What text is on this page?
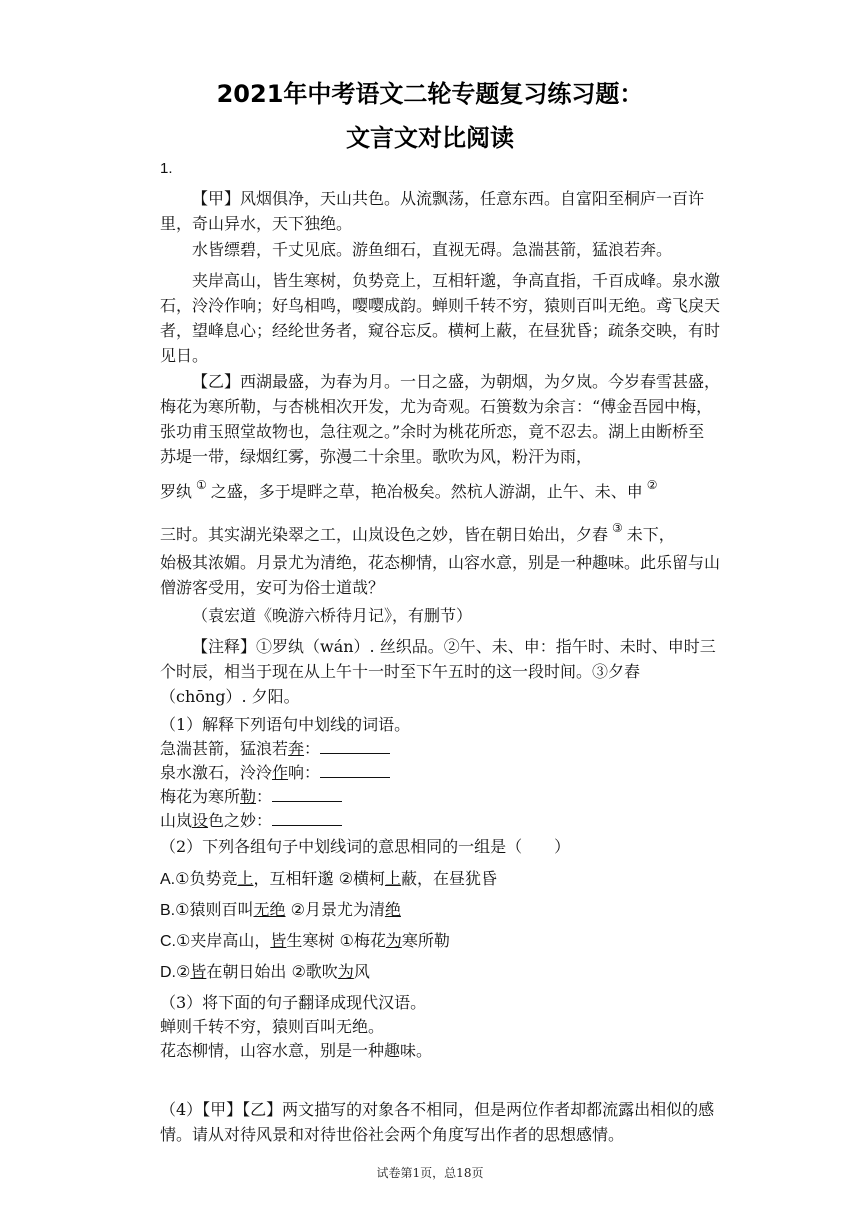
2021年中考语文二轮专题复习练习题：
文言文对比阅读
1.

【甲】风烟俱净，天山共色。从流飘荡，任意东西。自富阳至桐庐一百许里，奇山异水，天下独绝。

水皆缥碧，千丈见底。游鱼细石，直视无碍。急湍甚箭，猛浪若奔。

夹岸高山，皆生寒树，负势竞上，互相轩邈，争高直指，千百成峰。泉水激石，泠泠作响；好鸟相鸣，嘤嘤成韵。蝉则千转不穷，猿则百叫无绝。鸢飞戾天者，望峰息心；经纶世务者，窥谷忘反。横柯上蔽，在昼犹昏；疏条交映，有时见日。

【乙】西湖最盛，为春为月。一日之盛，为朝烟，为夕岚。今岁春雪甚盛，梅花为寒所勒，与杏桃相次开发，尤为奇观。石篑数为余言：“傅金吾园中梅，张功甫玉照堂故物也，急往观之。”余时为桃花所恋，竟不忍去。湖上由断桥至苏堤一带，绿烟红雾，弥漫二十余里。歌吹为风，粉汗为雨，

罗纨 ① 之盛，多于堤畔之草，艳冶极矣。然杭人游湖，止午、未、申 ②
三时。其实湖光染翠之工，山岚设色之妙，皆在朝日始出，夕舂 ③ 未下，

始极其浓媚。月景尤为清绝，花态柳情，山容水意，别是一种趣味。此乐留与山僧游客受用，安可为俗士道哉？

（袁宏道《晚游六桥待月记》，有删节）

【注释】①罗纨（wán）. 丝织品。②午、未、申：指午时、未时、申时三个时辰，相当于现在从上午十一时至下午五时的这一段时间。③夕舂（chōng）. 夕阳。

（1）解释下列语句中划线的词语。
急湍甚箭，猛浪若奔：
泉水激石，泠泠作响：
梅花为寒所勒：
山岚设色之妙：
（2）下列各组句子中划线词的意思相同的一组是（　　）
A.①负势竞上，互相轩邈 ②横柯上蔽，在昼犹昏
B.①猿则百叫无绝 ②月景尤为清绝
C.①夹岸高山，皆生寒树 ①梅花为寒所勒
D.②皆在朝日始出 ②歌吹为风
（3）将下面的句子翻译成现代汉语。
蝉则千转不穷，猿则百叫无绝。
花态柳情，山容水意，别是一种趣味。

（4）【甲】【乙】两文描写的对象各不相同，但是两位作者却都流露出相似的感情。请从对待风景和对待世俗社会两个角度写出作者的思想感情。

试卷第1页，总18页
